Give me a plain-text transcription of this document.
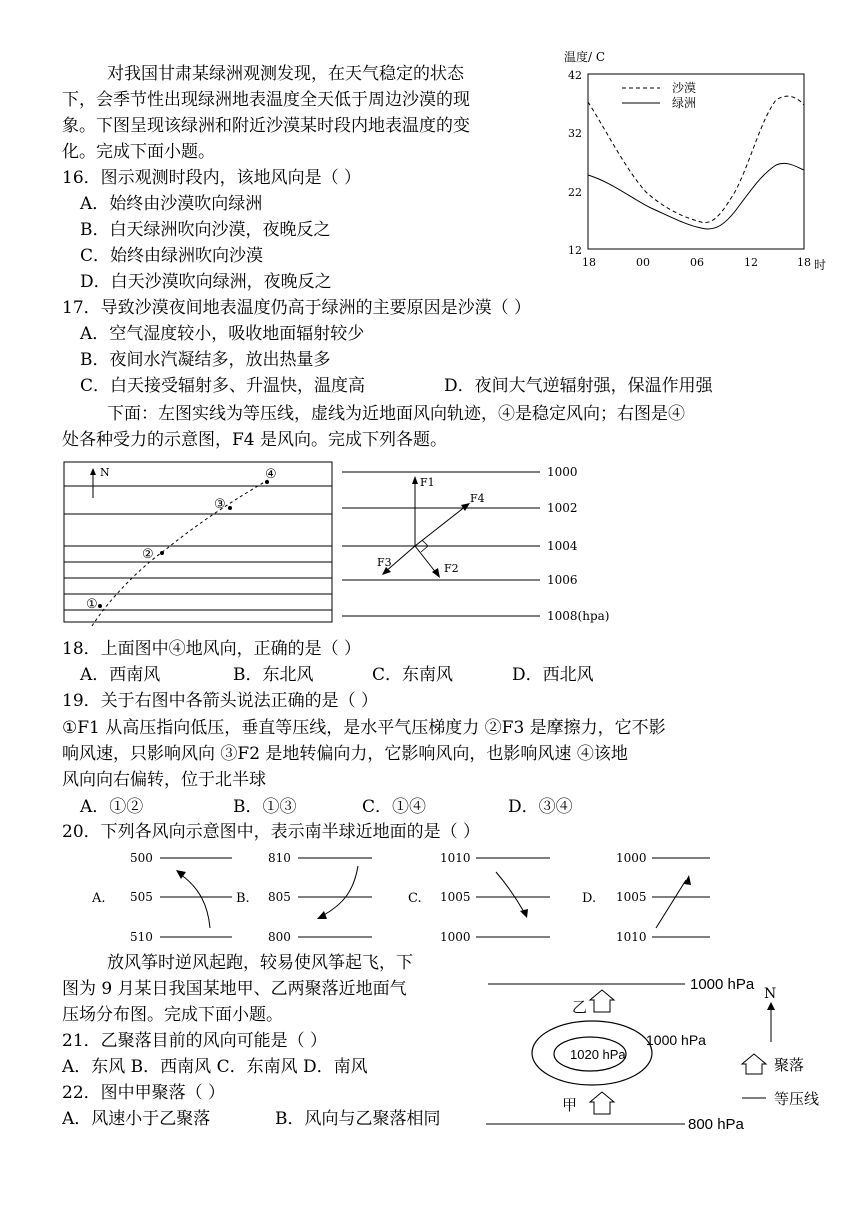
对我国甘肃某绿洲观测发现，在天气稳定的状态
下，会季节性出现绿洲地表温度全天低于周边沙漠的现
象。下图呈现该绿洲和附近沙漠某时段内地表温度的变
化。完成下面小题。
温度/ C
42
32
22
12
18	00	06	12	18 时
沙漠
绿洲
16．图示观测时段内，该地风向是（ ）
A．始终由沙漠吹向绿洲
B．白天绿洲吹向沙漠，夜晚反之
C．始终由绿洲吹向沙漠
D．白天沙漠吹向绿洲，夜晚反之
17．导致沙漠夜间地表温度仍高于绿洲的主要原因是沙漠（ ）
A．空气湿度较小，吸收地面辐射较少
B．夜间水汽凝结多，放出热量多
C．白天接受辐射多、升温快，温度高	D．夜间大气逆辐射强，保温作用强
下面：左图实线为等压线，虚线为近地面风向轨迹，④是稳定风向；右图是④
处各种受力的示意图，F4 是风向。完成下列各题。
N
①
②
③
④	1000
1002
1004
1006
1008(hpa)
F1
F4
F3	F2
18．上面图中④地风向，正确的是（ ）
A．西南风	B．东北风	C．东南风	D．西北风
19．关于右图中各箭头说法正确的是（ ）
①F1 从高压指向低压，垂直等压线，是水平气压梯度力 ②F3 是摩擦力，它不影
响风速，只影响风向 ③F2 是地转偏向力，它影响风向，也影响风速 ④该地
风向向右偏转，位于北半球
A．①②	B．①③	C．①④	D．③④
20．下列各风向示意图中，表示南半球近地面的是（ ）
A.
500
505
510
B.
810
805
800
C.
1010
1005
1000
D.
1000
1005
1010
放风筝时逆风起跑，较易使风筝起飞，下
图为 9 月某日我国某地甲、乙两聚落近地面气
压场分布图。完成下面小题。
21．乙聚落目前的风向可能是（ ）
A．东风 B．西南风 C．东南风 D．南风
22．图中甲聚落（ ）
A．风速小于乙聚落	B．风向与乙聚落相同
1000 hPa
N
乙
1020 hPa
1000 hPa
甲
800 hPa
聚落
等压线
